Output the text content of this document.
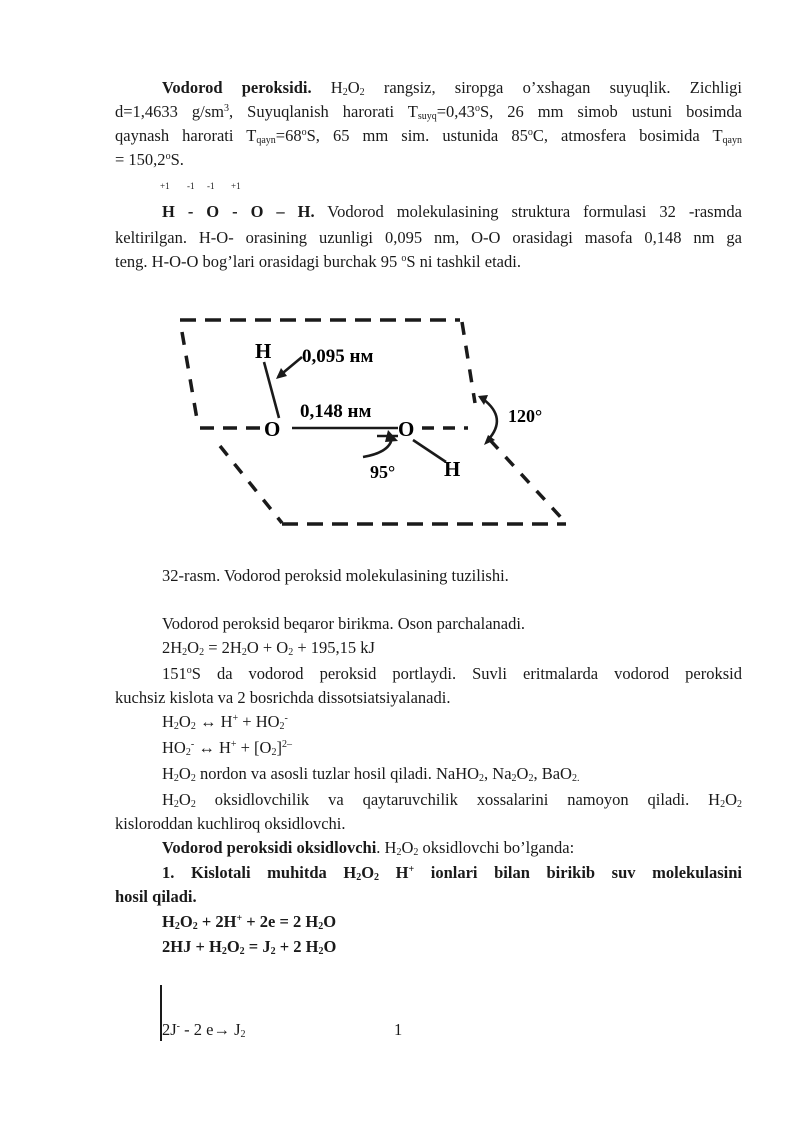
Vodorod peroksidi. $H_2O_2$ rangsiz, siropga o’xshagan suyuqlik. Zichligi
d=1,4633 $g/sm^3$, Suyuqlanish harorati $T_{suyq}=0,43^oS$, 26 mm simob ustuni bosimda
qaynash harorati $T_{qayn}=68^oS$, 65 mm sim. ustunida 85$^o$C, atmosfera bosimida $T_{qayn}$
= $150,2^oS$.
+1 -1 -1 +1
H - O - O – H. Vodorod molekulasining struktura formulasi 32 -rasmda
keltirilgan. H-O- orasining uzunligi 0,095 nm, O-O orasidagi masofa 0,148 nm ga
teng. H-O-O bog’lari orasidagi burchak 95 $^o$S ni tashkil etadi.
H 0,095 нм
O
0,148 нм
O
H
95°
120°
32-rasm. Vodorod peroksid molekulasining tuzilishi.
Vodorod peroksid beqaror birikma. Oson parchalanadi.
$2H_2O_2 = 2H_2O + O_2 + 195,15$ kJ
151$^o$S da vodorod peroksid portlaydi. Suvli eritmalarda vodorod peroksid
kuchsiz kislota va 2 bosrichda dissotsiatsiyalanadi.
$H_2O_2$ ↔ $H^+ + HO_2^-$
$HO_2^-$ ↔ $H^+ + [O_2]^{2-}$
$H_2O_2$ nordon va asosli tuzlar hosil qiladi. NaHO$_2$, $Na_2O_2$, BaO$_{2.}$
$H_2O_2$ oksidlovchilik va qaytaruvchilik xossalarini namoyon qiladi. $H_2O_2$
kisloroddan kuchliroq oksidlovchi.
Vodorod peroksidi oksidlovchi. $H_2O_2$ oksidlovchi bo’lganda:
1. Kislotali muhitda $H_2O_2$ H+ ionlari bilan birikib suv molekulasini
hosil qiladi.
$H_2O_2 + 2H^+ + 2e = 2$ $H_2O$
$2HJ + H_2O_2 = J_2 + 2$ $H_2O$
2J- - 2 $e\to J_2$	1
